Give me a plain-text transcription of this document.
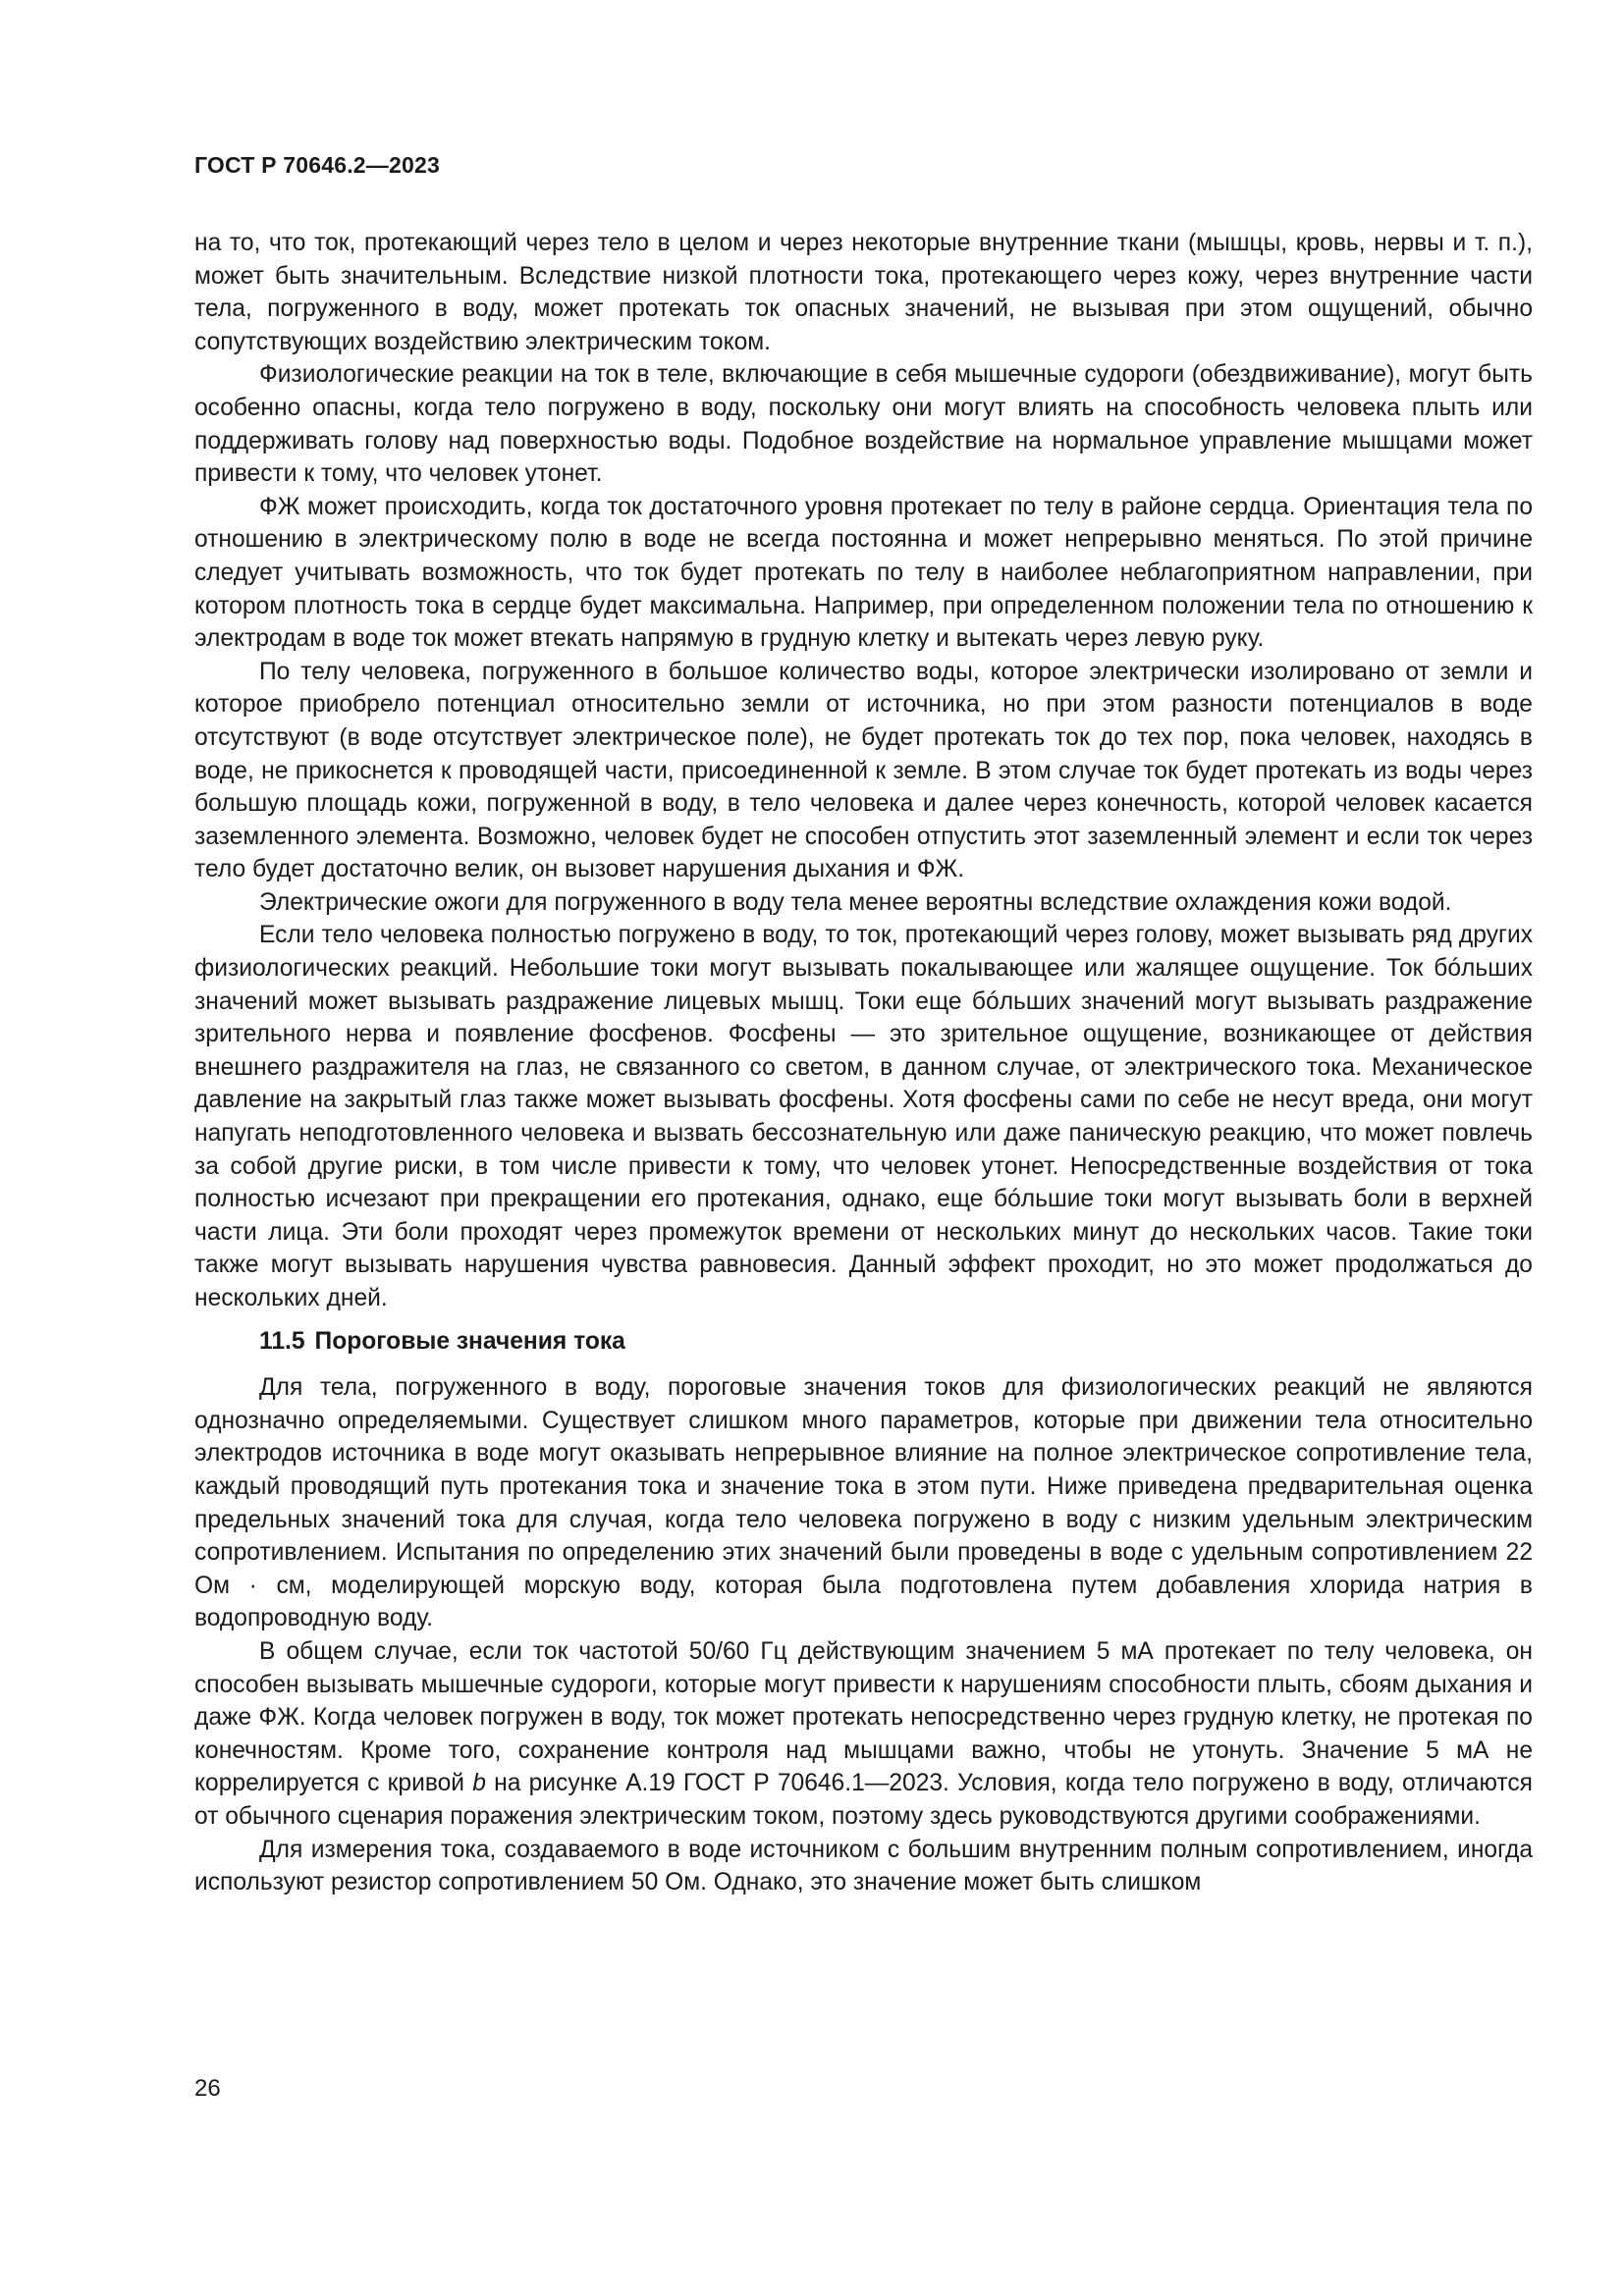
ГОСТ Р 70646.2—2023

на то, что ток, протекающий через тело в целом и через некоторые внутренние ткани (мышцы, кровь, нервы и т. п.), может быть значительным. Вследствие низкой плотности тока, протекающего через кожу, через внутренние части тела, погруженного в воду, может протекать ток опасных значений, не вызывая при этом ощущений, обычно сопутствующих воздействию электрическим током.

Физиологические реакции на ток в теле, включающие в себя мышечные судороги (обездвиживание), могут быть особенно опасны, когда тело погружено в воду, поскольку они могут влиять на способность человека плыть или поддерживать голову над поверхностью воды. Подобное воздействие на нормальное управление мышцами может привести к тому, что человек утонет.

ФЖ может происходить, когда ток достаточного уровня протекает по телу в районе сердца. Ориентация тела по отношению в электрическому полю в воде не всегда постоянна и может непрерывно меняться. По этой причине следует учитывать возможность, что ток будет протекать по телу в наиболее неблагоприятном направлении, при котором плотность тока в сердце будет максимальна. Например, при определенном положении тела по отношению к электродам в воде ток может втекать напрямую в грудную клетку и вытекать через левую руку.

По телу человека, погруженного в большое количество воды, которое электрически изолировано от земли и которое приобрело потенциал относительно земли от источника, но при этом разности потенциалов в воде отсутствуют (в воде отсутствует электрическое поле), не будет протекать ток до тех пор, пока человек, находясь в воде, не прикоснется к проводящей части, присоединенной к земле. В этом случае ток будет протекать из воды через большую площадь кожи, погруженной в воду, в тело человека и далее через конечность, которой человек касается заземленного элемента. Возможно, человек будет не способен отпустить этот заземленный элемент и если ток через тело будет достаточно велик, он вызовет нарушения дыхания и ФЖ.

Электрические ожоги для погруженного в воду тела менее вероятны вследствие охлаждения кожи водой.

Если тело человека полностью погружено в воду, то ток, протекающий через голову, может вызывать ряд других физиологических реакций. Небольшие токи могут вызывать покалывающее или жалящее ощущение. Ток бóльших значений может вызывать раздражение лицевых мышц. Токи еще бóльших значений могут вызывать раздражение зрительного нерва и появление фосфенов. Фосфены — это зрительное ощущение, возникающее от действия внешнего раздражителя на глаз, не связанного со светом, в данном случае, от электрического тока. Механическое давление на закрытый глаз также может вызывать фосфены. Хотя фосфены сами по себе не несут вреда, они могут напугать неподготовленного человека и вызвать бессознательную или даже паническую реакцию, что может повлечь за собой другие риски, в том числе привести к тому, что человек утонет. Непосредственные воздействия от тока полностью исчезают при прекращении его протекания, однако, еще бóльшие токи могут вызывать боли в верхней части лица. Эти боли проходят через промежуток времени от нескольких минут до нескольких часов. Такие токи также могут вызывать нарушения чувства равновесия. Данный эффект проходит, но это может продолжаться до нескольких дней.

11.5 Пороговые значения тока

Для тела, погруженного в воду, пороговые значения токов для физиологических реакций не являются однозначно определяемыми. Существует слишком много параметров, которые при движении тела относительно электродов источника в воде могут оказывать непрерывное влияние на полное электрическое сопротивление тела, каждый проводящий путь протекания тока и значение тока в этом пути. Ниже приведена предварительная оценка предельных значений тока для случая, когда тело человека погружено в воду с низким удельным электрическим сопротивлением. Испытания по определению этих значений были проведены в воде с удельным сопротивлением 22 Ом · см, моделирующей морскую воду, которая была подготовлена путем добавления хлорида натрия в водопроводную воду.

В общем случае, если ток частотой 50/60 Гц действующим значением 5 мА протекает по телу человека, он способен вызывать мышечные судороги, которые могут привести к нарушениям способности плыть, сбоям дыхания и даже ФЖ. Когда человек погружен в воду, ток может протекать непосредственно через грудную клетку, не протекая по конечностям. Кроме того, сохранение контроля над мышцами важно, чтобы не утонуть. Значение 5 мА не коррелируется с кривой b на рисунке А.19 ГОСТ Р 70646.1—2023. Условия, когда тело погружено в воду, отличаются от обычного сценария поражения электрическим током, поэтому здесь руководствуются другими соображениями.

Для измерения тока, создаваемого в воде источником с большим внутренним полным сопротивлением, иногда используют резистор сопротивлением 50 Ом. Однако, это значение может быть слишком

26
